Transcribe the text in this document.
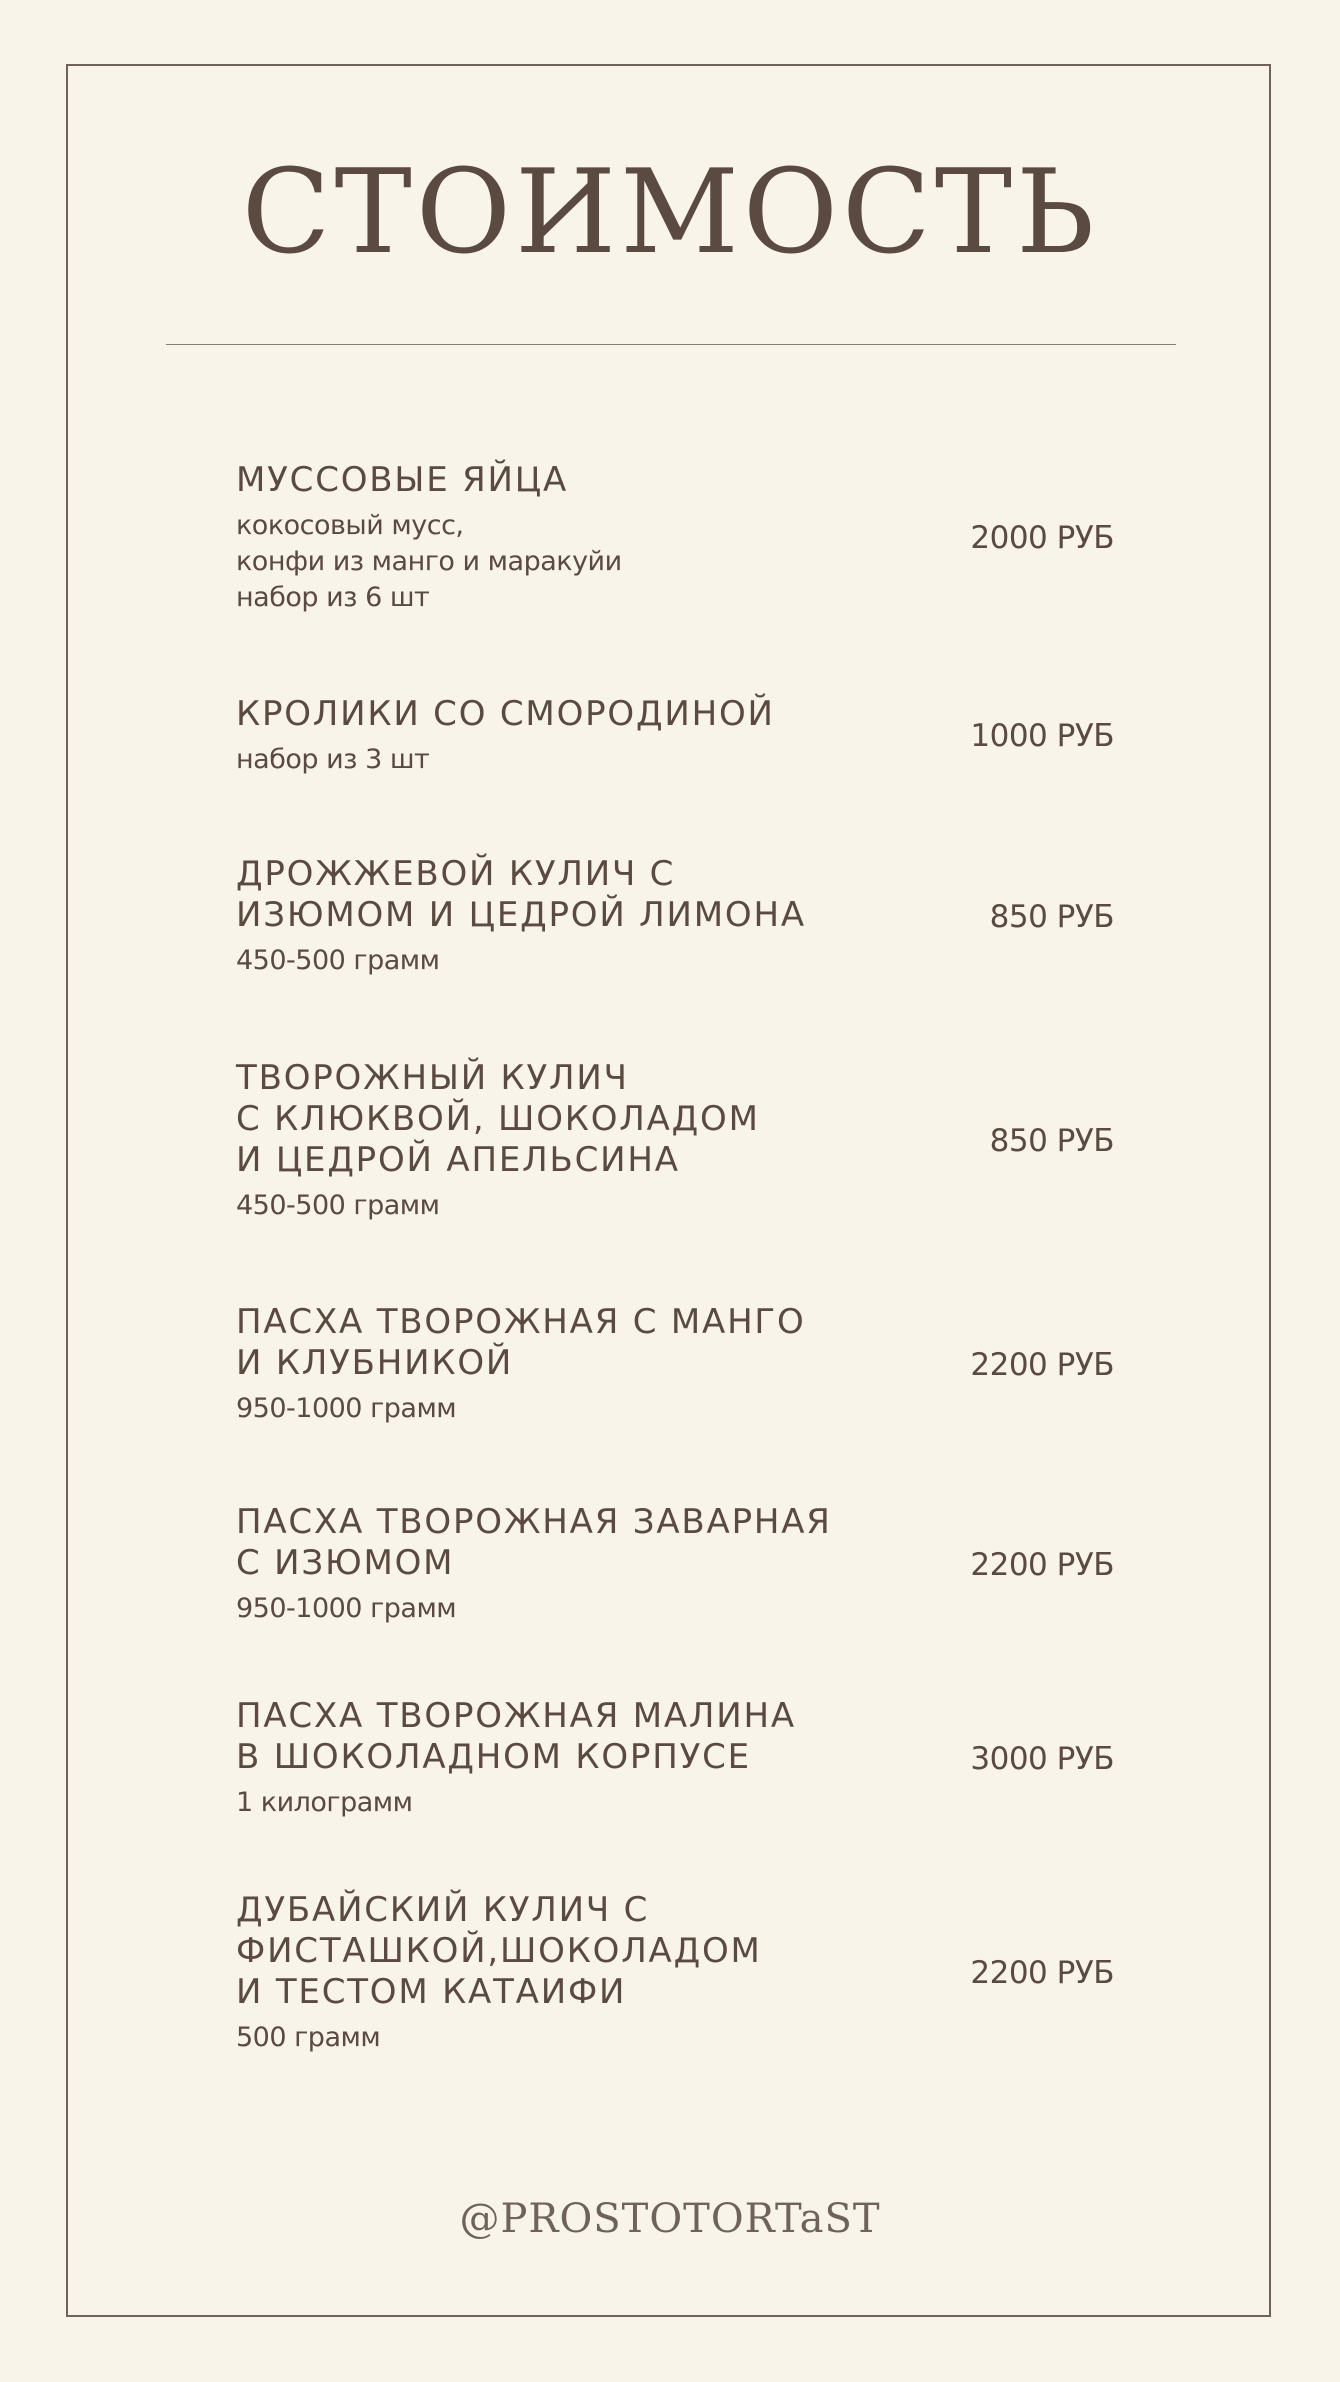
СТОИМОСТЬ
МУССОВЫЕ ЯЙЦА
кокосовый мусс,
конфи из манго и маракуйи
набор из 6 шт
2000 РУБ
КРОЛИКИ СО СМОРОДИНОЙ
набор из 3 шт
1000 РУБ
ДРОЖЖЕВОЙ КУЛИЧ С
ИЗЮМОМ И ЦЕДРОЙ ЛИМОНА
450-500 грамм
850 РУБ
ТВОРОЖНЫЙ КУЛИЧ
С КЛЮКВОЙ, ШОКОЛАДОМ
И ЦЕДРОЙ АПЕЛЬСИНА
450-500 грамм
850 РУБ
ПАСХА ТВОРОЖНАЯ С МАНГО
И КЛУБНИКОЙ
950-1000 грамм
2200 РУБ
ПАСХА ТВОРОЖНАЯ ЗАВАРНАЯ
С ИЗЮМОМ
950-1000 грамм
2200 РУБ
ПАСХА ТВОРОЖНАЯ МАЛИНА
В ШОКОЛАДНОМ КОРПУСЕ
1 килограмм
3000 РУБ
ДУБАЙСКИЙ КУЛИЧ С
ФИСТАШКОЙ,ШОКОЛАДОМ
И ТЕСТОМ КАТАИФИ
500 грамм
2200 РУБ
@PROSTOTORTaST
